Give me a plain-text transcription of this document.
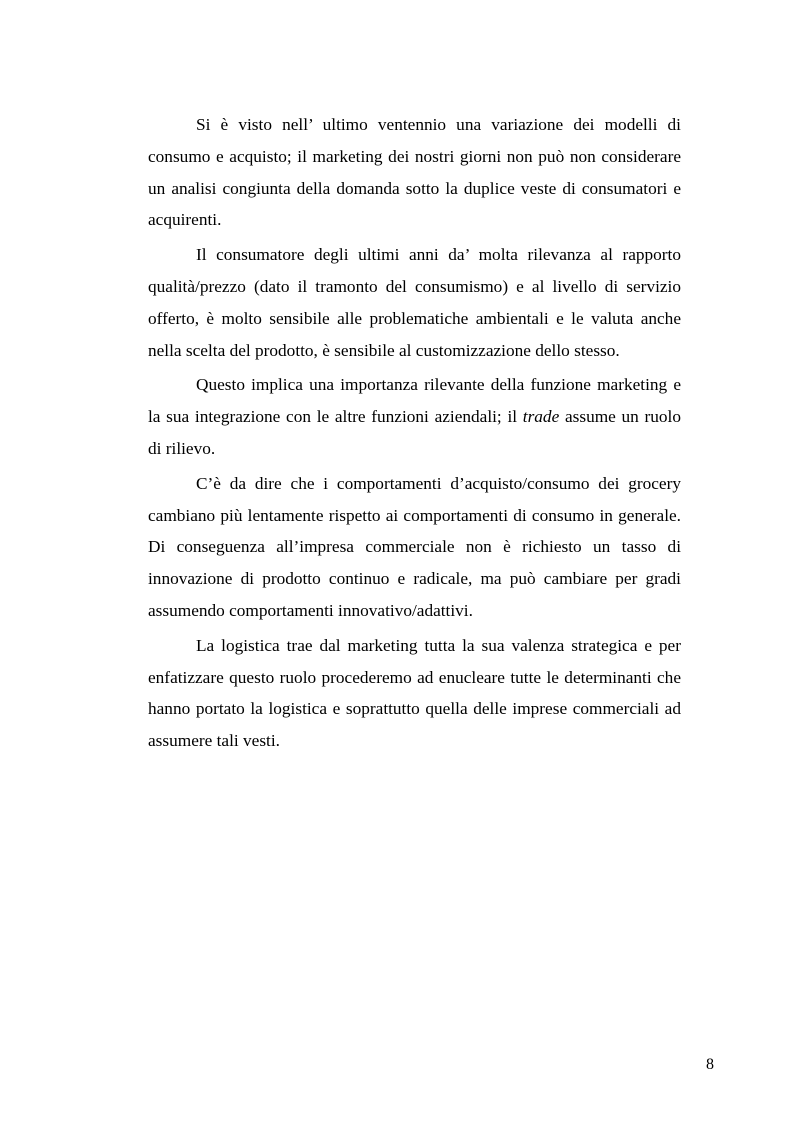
Si è visto nell’ ultimo ventennio una variazione dei modelli di consumo e acquisto; il marketing dei nostri giorni non può non considerare un analisi congiunta della domanda sotto la duplice veste di consumatori e acquirenti.

Il consumatore degli ultimi anni da’ molta rilevanza al rapporto qualità/prezzo (dato il tramonto del consumismo) e al livello di servizio offerto, è molto sensibile alle problematiche ambientali e le valuta anche nella scelta del prodotto, è sensibile al customizzazione dello stesso.

Questo implica una importanza rilevante della funzione marketing e la sua integrazione con le altre funzioni aziendali; il trade assume un ruolo di rilievo.

C’è da dire che i comportamenti d’acquisto/consumo dei grocery cambiano più lentamente rispetto ai comportamenti di consumo in generale. Di conseguenza all’impresa commerciale non è richiesto un tasso di innovazione di prodotto continuo e radicale, ma può cambiare per gradi assumendo comportamenti innovativo/adattivi.

La logistica trae dal marketing tutta la sua valenza strategica e per enfatizzare questo ruolo procederemo ad enucleare tutte le determinanti che hanno portato la logistica e soprattutto quella delle imprese commerciali ad assumere tali vesti.

8
